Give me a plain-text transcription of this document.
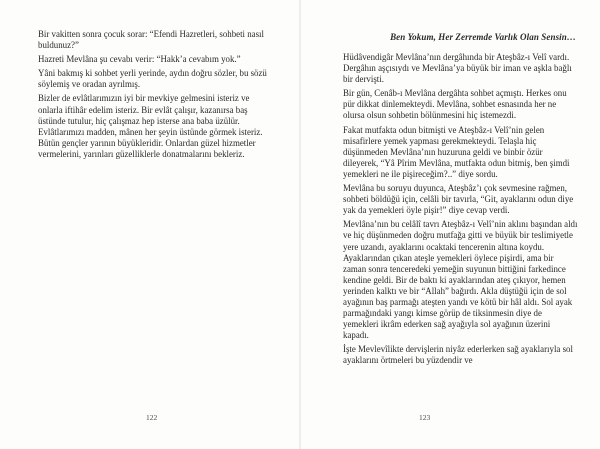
Bir vakitten sonra çocuk sorar: “Efendi Hazretleri, sohbeti nasıl buldunuz?”

Hazreti Mevlâna şu cevabı verir: “Hakk’a cevabım yok.”

Yâni bakmış ki sohbet yerli yerinde, aydın doğru sözler, bu sözü söylemiş ve oradan ayrılmış.

Bizler de evlâtlarımızın iyi bir mevkiye gelmesini isteriz ve onlarla iftihâr edelim isteriz. Bir evlât çalışır, kazanırsa baş üstünde tutulur, hiç çalışmaz hep isterse ana baba üzülür. Evlâtlarımızı madden, mânen her şeyin üstünde görmek isteriz. Bütün gençler yarının büyükleridir. Onlardan güzel hizmetler vermelerini, yarınları güzelliklerle donatmalarını bekleriz.

122
Ben Yokum, Her Zerremde Varlık Olan Sensin…

Hüdâvendigâr Mevlâna’nın dergâhında bir Ateşbâz-ı Velî vardı. Dergâhın aşçısıydı ve Mevlâna’ya büyük bir iman ve aşkla bağlı bir dervişti.

Bir gün, Cenâb-ı Mevlâna dergâhta sohbet açmıştı. Herkes onu pür dikkat dinlemekteydi. Mevlâna, sohbet esnasında her ne olursa olsun sohbetin bölünmesini hiç istemezdi.

Fakat mutfakta odun bitmişti ve Ateşbâz-ı Velî’nin gelen misafirlere yemek yapması gerekmekteydi. Telaşla hiç düşünmeden Mevlâna’nın huzuruna geldi ve binbir özür dileyerek, “Yâ Pîrim Mevlâna, mutfakta odun bitmiş, ben şimdi yemekleri ne ile pişireceğim?..” diye sordu.

Mevlâna bu soruyu duyunca, Ateşbâz’ı çok sevmesine rağmen, sohbeti böldüğü için, celâli bir tavırla, “Git, ayaklarını odun diye yak da yemekleri öyle pişir!” diye cevap verdi.

Mevlâna’nın bu celâlî tavrı Ateşbâz-ı Velî’nin aklını başından aldı ve hiç düşünmeden doğru mutfağa gitti ve büyük bir teslimiyetle yere uzandı, ayaklarını ocaktaki tencerenin altına koydu. Ayaklarından çıkan ateşle yemekleri öylece pişirdi, ama bir zaman sonra tenceredeki yemeğin suyunun bittiğini farkedince kendine geldi. Bir de baktı ki ayaklarından ateş çıkıyor, hemen yerinden kalktı ve bir “Allah” bağırdı. Akla düştüğü için de sol ayağının baş parmağı ateşten yandı ve kötü bir hâl aldı. Sol ayak parmağındaki yangı kimse görüp de tiksinmesin diye de yemekleri ikrâm ederken sağ ayağıyla sol ayağının üzerini kapadı.

İşte Mevlevîlikte dervişlerin niyâz ederlerken sağ ayaklarıyla sol ayaklarını örtmeleri bu yüzdendir ve

123
